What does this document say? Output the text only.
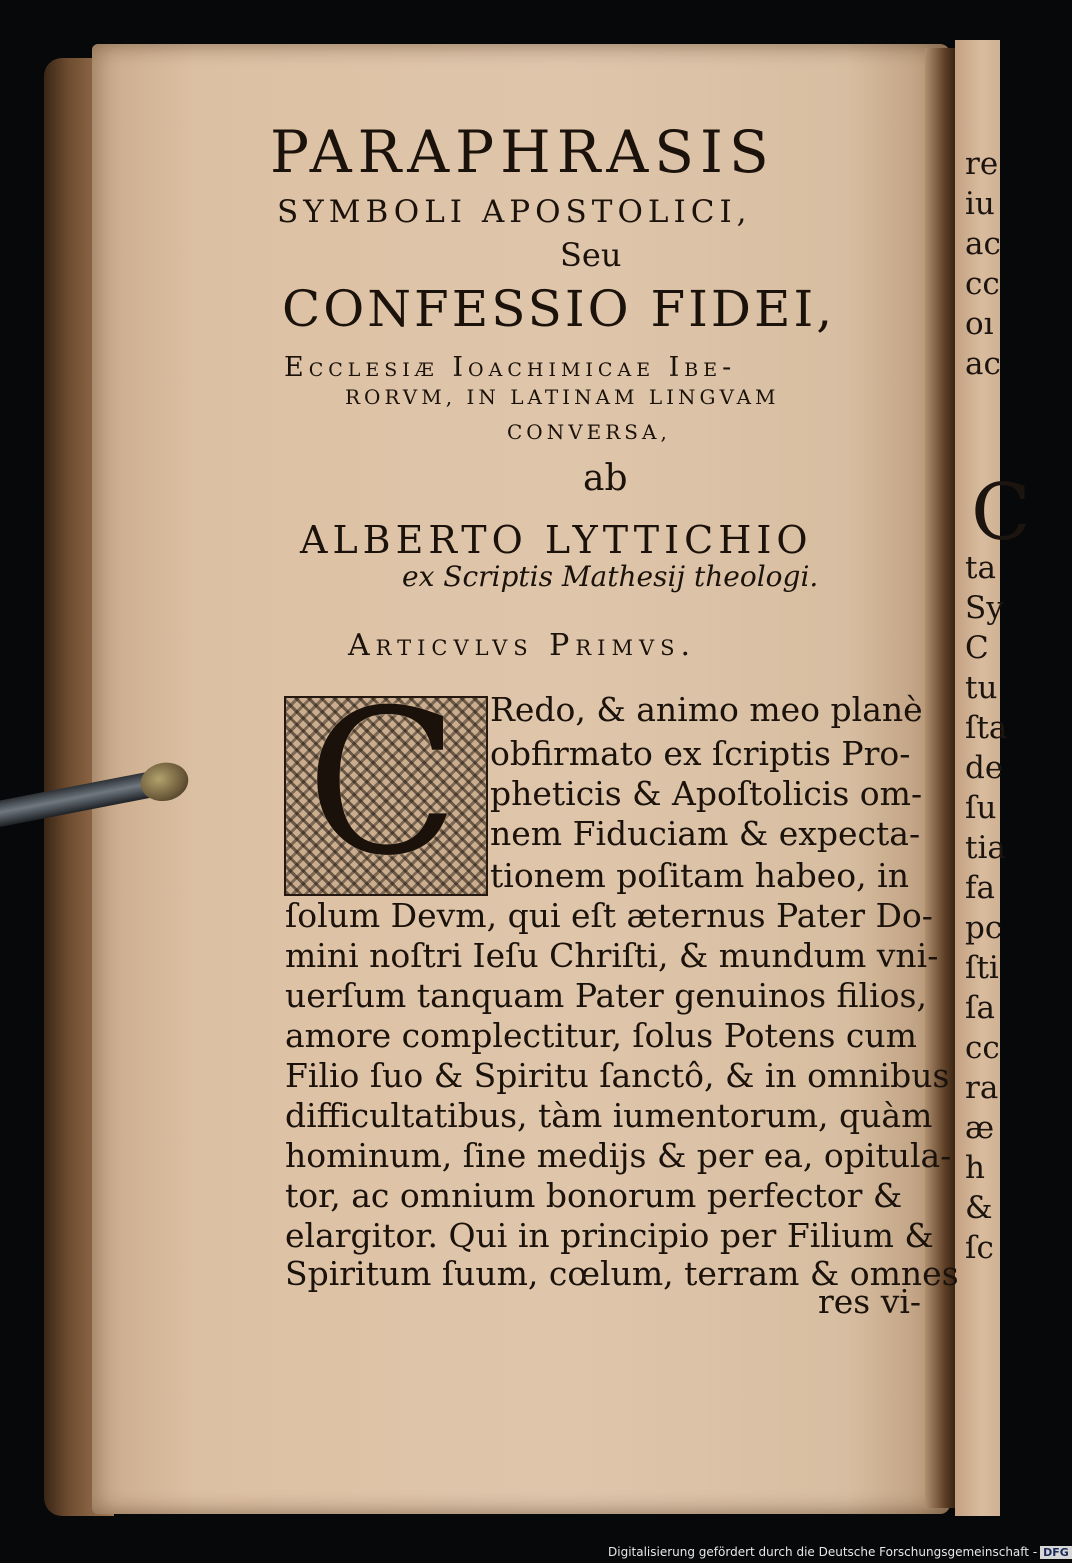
re
iu
ac
cc
oı
ac
C
ta
Sy
C
tu
ſta
de
ſu
tia
fa
pc
ſti
ſa
cc
ra
æ
h
&
ſc
PARAPHRASIS
SYMBOLI APOSTOLICI,
Seu
CONFESSIO FIDEI,
Ecclesiæ Ioachimicae Ibe-
RORVM, IN LATINAM LINGVAM
CONVERSA,
ab
ALBERTO LYTTICHIO
ex Scriptis Mathesij theologi.
Articvlvs Primvs.
C Redo, & animo meo planè
obfirmato ex ſcriptis Pro-
pheticis & Apoſtolicis om-
nem Fiduciam & expecta-
tionem poſitam habeo, in
ſolum Devm, qui eſt æternus Pater Do-
mini noſtri Ieſu Chriſti, & mundum vni-
uerſum tanquam Pater genuinos filios,
amore complectitur, ſolus Potens cum
Filio ſuo & Spiritu ſanctô, & in omnibus
difficultatibus, tàm iumentorum, quàm
hominum, ſine medijs & per ea, opitula-
tor, ac omnium bonorum perfector &
elargitor. Qui in principio per Filium &
Spiritum ſuum, cœlum, terram & omnes
res vi-
Digitalisierung gefördert durch die Deutsche Forschungsgemeinschaft - DFG
